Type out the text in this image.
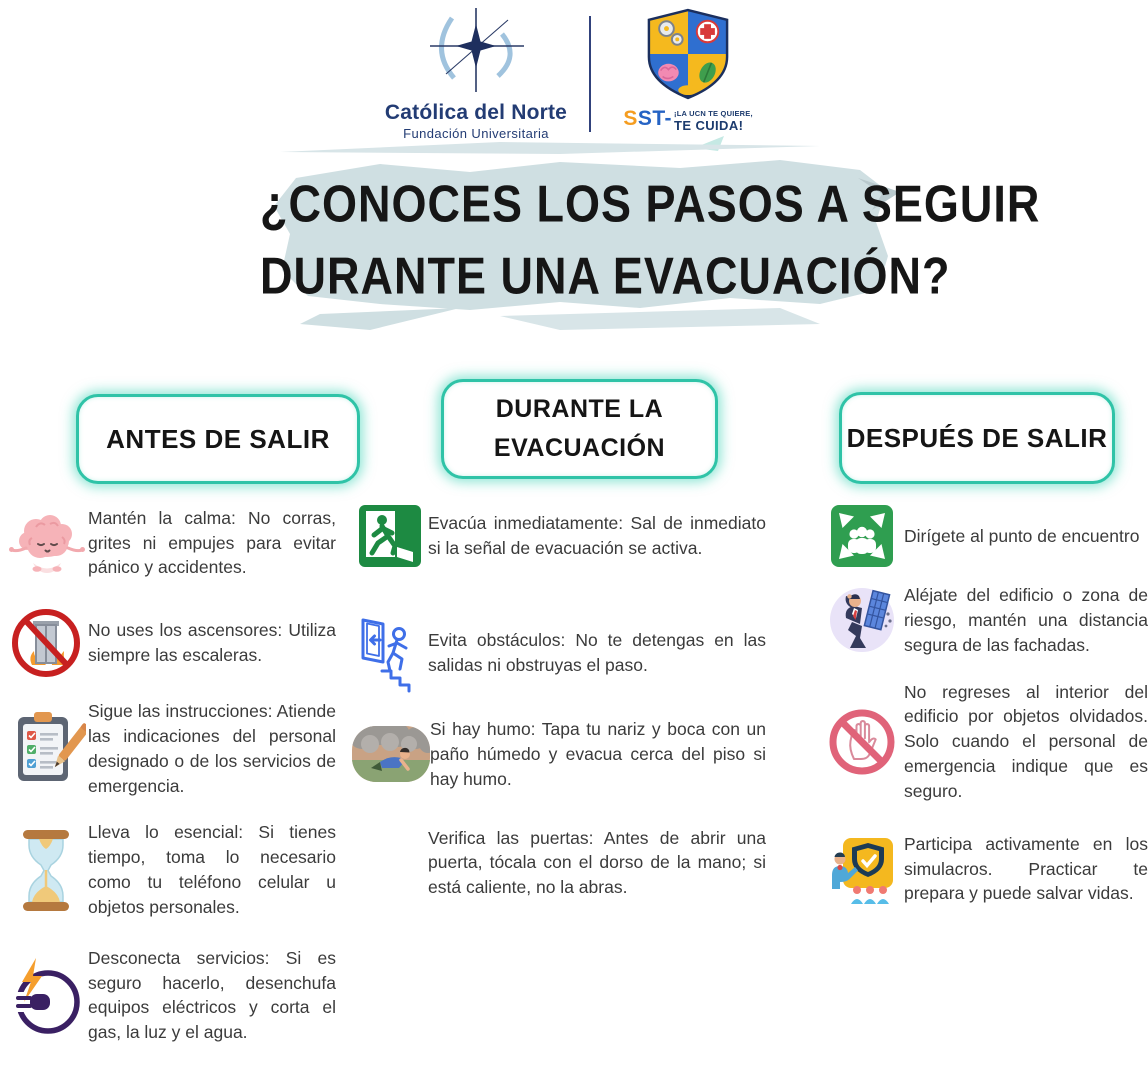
Católica del Norte
Fundación Universitaria
S ST- ¡LA UCN TE QUIERE,
TE CUIDA!
¿CONOCES LOS PASOS A SEGUIR
DURANTE UNA EVACUACIÓN?
ANTES DE SALIR
DURANTE LA EVACUACIÓN	DESPUÉS DE SALIR
Mantén la calma: No corras, grites ni empujes para evitar pánico y accidentes.
No uses los ascensores: Utiliza siempre las escaleras.
Sigue las instrucciones: Atiende las indicaciones del personal designado o de los servicios de emergencia.
Lleva lo esencial: Si tienes tiempo, toma lo necesario como tu teléfono celular u objetos personales.
Desconecta servicios: Si es seguro hacerlo, desenchufa equipos eléctricos y corta el gas, la luz y el agua.
Evacúa inmediatamente: Sal de inmediato si la señal de evacuación se activa.
Evita obstáculos: No te detengas en las salidas ni obstruyas el paso.
Si hay humo: Tapa tu nariz y boca con un paño húmedo y evacua cerca del piso si hay humo.
Verifica las puertas: Antes de abrir una puerta, tócala con el dorso de la mano; si está caliente, no la abras.
Dirígete al punto de encuentro
Aléjate del edificio o zona de riesgo, mantén una distancia segura de las fachadas.
No regreses al interior del edificio por objetos olvidados. Solo cuando el personal de emergencia indique que es seguro.
Participa activamente en los simulacros. Practicar te prepara y puede salvar vidas.
